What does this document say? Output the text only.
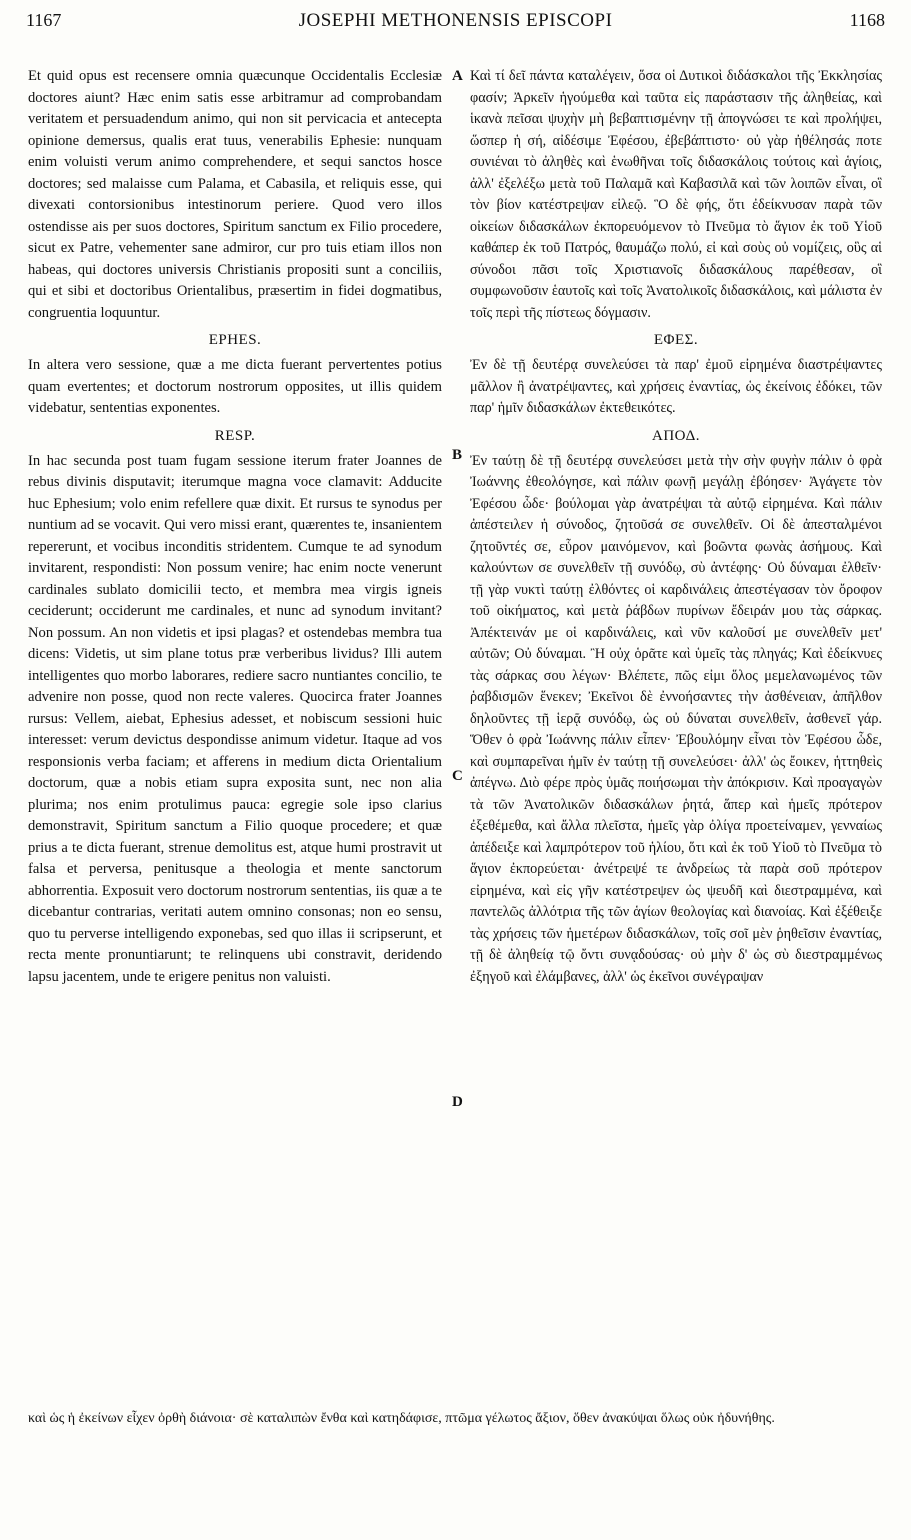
1167	JOSEPHI METHONENSIS EPISCOPI	1168
A
B
C
D

Et quid opus est recensere omnia quæcunque Occidentalis Ecclesiæ doctores aiunt? Hæc enim satis esse arbitramur ad comprobandam veritatem et persuadendum animo, qui non sit pervicacia et antecepta opinione demersus, qualis erat tuus, venerabilis Ephesie: nunquam enim voluisti verum animo comprehendere, et sequi sanctos hosce doctores; sed malaisse cum Palama, et Cabasila, et reliquis esse, qui divexati contorsionibus intestinorum periere. Quod vero illos ostendisse ais per suos doctores, Spiritum sanctum ex Filio procedere, sicut ex Patre, vehementer sane admiror, cur pro tuis etiam illos non habeas, qui doctores universis Christianis propositi sunt a conciliis, qui et sibi et doctoribus Orientalibus, præsertim in fidei dogmatibus, congruentia loquuntur.

EPHES.

In altera vero sessione, quæ a me dicta fuerant pervertentes potius quam evertentes; et doctorum nostrorum opposites, ut illis quidem videbatur, sententias exponentes.

RESP.

In hac secunda post tuam fugam sessione iterum frater Joannes de rebus divinis disputavit; iterumque magna voce clamavit: Adducite huc Ephesium; volo enim refellere quæ dixit. Et rursus te synodus per nuntium ad se vocavit. Qui vero missi erant, quærentes te, insanientem repererunt, et vocibus inconditis stridentem. Cumque te ad synodum invitarent, respondisti: Non possum venire; hac enim nocte venerunt cardinales sublato domicilii tecto, et membra mea virgis igneis ceciderunt; occiderunt me cardinales, et nunc ad synodum invitant? Non possum. An non videtis et ipsi plagas? et ostendebas membra tua dicens: Videtis, ut sim plane totus præ verberibus lividus? Illi autem intelligentes quo morbo laborares, rediere sacro nuntiantes concilio, te advenire non posse, quod non recte valeres. Quocirca frater Joannes rursus: Vellem, aiebat, Ephesius adesset, et nobiscum sessioni huic interesset: verum devictus despondisse animum videtur. Itaque ad vos responsionis verba faciam; et afferens in medium dicta Orientalium doctorum, quæ a nobis etiam supra exposita sunt, nec non alia plurima; nos enim protulimus pauca: egregie sole ipso clarius demonstravit, Spiritum sanctum a Filio quoque procedere; et quæ prius a te dicta fuerant, strenue demolitus est, atque humi prostravit ut falsa et perversa, penitusque a theologia et mente sanctorum abhorrentia. Exposuit vero doctorum nostrorum sententias, iis quæ a te dicebantur contrarias, veritati autem omnino consonas; non eo sensu, quo tu perverse intelligendo exponebas, sed quo illas ii scripserunt, et recta mente pronuntiarunt; te relinquens ubi constravit, deridendo lapsu jacentem, unde te erigere penitus non valuisti.

Καὶ τί δεῖ πάντα καταλέγειν, ὅσα οἱ Δυτικοὶ διδάσκαλοι τῆς Ἐκκλησίας φασίν; Ἀρκεῖν ἡγούμεθα καὶ ταῦτα εἰς παράστασιν τῆς ἀληθείας, καὶ ἱκανὰ πεῖσαι ψυχὴν μὴ βεβαπτισμένην τῇ ἀπογνώσει τε καὶ προλήψει, ὥσπερ ἡ σή, αἰδέσιμε Ἐφέσου, ἐβεβάπτιστο· οὐ γὰρ ἠθέλησάς ποτε συνιέναι τὸ ἀληθὲς καὶ ἑνωθῆναι τοῖς διδασκάλοις τούτοις καὶ ἁγίοις, ἀλλ' ἐξελέξω μετὰ τοῦ Παλαμᾶ καὶ Καβασιλᾶ καὶ τῶν λοιπῶν εἶναι, οἳ τὸν βίον κατέστρεψαν εἰλεῷ. Ὃ δὲ φής, ὅτι ἐδείκνυσαν παρὰ τῶν οἰκείων διδασκάλων ἐκπορευόμενον τὸ Πνεῦμα τὸ ἅγιον ἐκ τοῦ Υἱοῦ καθάπερ ἐκ τοῦ Πατρός, θαυμάζω πολύ, εἰ καὶ σοὺς οὐ νομίζεις, οὓς αἱ σύνοδοι πᾶσι τοῖς Χριστιανοῖς διδασκάλους παρέθεσαν, οἳ συμφωνοῦσιν ἑαυτοῖς καὶ τοῖς Ἀνατολικοῖς διδασκάλοις, καὶ μάλιστα ἐν τοῖς περὶ τῆς πίστεως δόγμασιν.

ΕΦΕΣ.

Ἐν δὲ τῇ δευτέρᾳ συνελεύσει τὰ παρ' ἐμοῦ εἰρημένα διαστρέψαντες μᾶλλον ἢ ἀνατρέψαντες, καὶ χρήσεις ἐναντίας, ὡς ἐκείνοις ἐδόκει, τῶν παρ' ἡμῖν διδασκάλων ἐκτεθεικότες.

ΑΠΟΔ.

Ἐν ταύτῃ δὲ τῇ δευτέρᾳ συνελεύσει μετὰ τὴν σὴν φυγὴν πάλιν ὁ φρὰ Ἰωάννης ἐθεολόγησε, καὶ πάλιν φωνῇ μεγάλῃ ἐβόησεν· Ἀγάγετε τὸν Ἐφέσου ὧδε· βούλομαι γὰρ ἀνατρέψαι τὰ αὐτῷ εἰρημένα. Καὶ πάλιν ἀπέστειλεν ἡ σύνοδος, ζητοῦσά σε συνελθεῖν. Οἱ δὲ ἀπεσταλμένοι ζητοῦντές σε, εὗρον μαινόμενον, καὶ βοῶντα φωνὰς ἀσήμους. Καὶ καλούντων σε συνελθεῖν τῇ συνόδῳ, σὺ ἀντέφης· Οὐ δύναμαι ἐλθεῖν· τῇ γὰρ νυκτὶ ταύτῃ ἐλθόντες οἱ καρδινάλεις ἀπεστέγασαν τὸν ὄροφον τοῦ οἰκήματος, καὶ μετὰ ῥάβδων πυρίνων ἔδειράν μου τὰς σάρκας. Ἀπέκτεινάν με οἱ καρδινάλεις, καὶ νῦν καλοῦσί με συνελθεῖν μετ' αὐτῶν; Οὐ δύναμαι. Ἢ οὐχ ὁρᾶτε καὶ ὑμεῖς τὰς πληγάς; Καὶ ἐδείκνυες τὰς σάρκας σου λέγων· Βλέπετε, πῶς εἰμι ὅλος μεμελανωμένος τῶν ῥαβδισμῶν ἕνεκεν; Ἐκεῖνοι δὲ ἐννοήσαντες τὴν ἀσθένειαν, ἀπῆλθον δηλοῦντες τῇ ἱερᾷ συνόδῳ, ὡς οὐ δύναται συνελθεῖν, ἀσθενεῖ γάρ. Ὅθεν ὁ φρὰ Ἰωάννης πάλιν εἶπεν· Ἐβουλόμην εἶναι τὸν Ἐφέσου ὧδε, καὶ συμπαρεῖναι ἡμῖν ἐν ταύτῃ τῇ συνελεύσει· ἀλλ' ὡς ἔοικεν, ἡττηθεὶς ἀπέγνω. Διὸ φέρε πρὸς ὑμᾶς ποιήσωμαι τὴν ἀπόκρισιν. Καὶ προαγαγὼν τὰ τῶν Ἀνατολικῶν διδασκάλων ῥητά, ἅπερ καὶ ἡμεῖς πρότερον ἐξεθέμεθα, καὶ ἄλλα πλεῖστα, ἡμεῖς γὰρ ὀλίγα προετείναμεν, γενναίως ἀπέδειξε καὶ λαμπρότερον τοῦ ἡλίου, ὅτι καὶ ἐκ τοῦ Υἱοῦ τὸ Πνεῦμα τὸ ἅγιον ἐκπορεύεται· ἀνέτρεψέ τε ἀνδρείως τὰ παρὰ σοῦ πρότερον εἰρημένα, καὶ εἰς γῆν κατέστρεψεν ὡς ψευδῆ καὶ διεστραμμένα, καὶ παντελῶς ἀλλότρια τῆς τῶν ἁγίων θεολογίας καὶ διανοίας. Καὶ ἐξέθειξε τὰς χρήσεις τῶν ἡμετέρων διδασκάλων, τοῖς σοῖ μὲν ῥηθεῖσιν ἐναντίας, τῇ δὲ ἀληθείᾳ τῷ ὄντι συνᾳδούσας· οὐ μὴν δ' ὡς σὺ διεστραμμένως ἐξηγοῦ καὶ ἐλάμβανες, ἀλλ' ὡς ἐκεῖνοι συνέγραψαν

καὶ ὡς ἡ ἐκείνων εἶχεν ὀρθὴ διάνοια· σὲ καταλιπὼν ἔνθα καὶ κατηδάφισε, πτῶμα γέλωτος ἄξιον, ὅθεν ἀνακύψαι ὅλως οὐκ ἠδυνήθης.
